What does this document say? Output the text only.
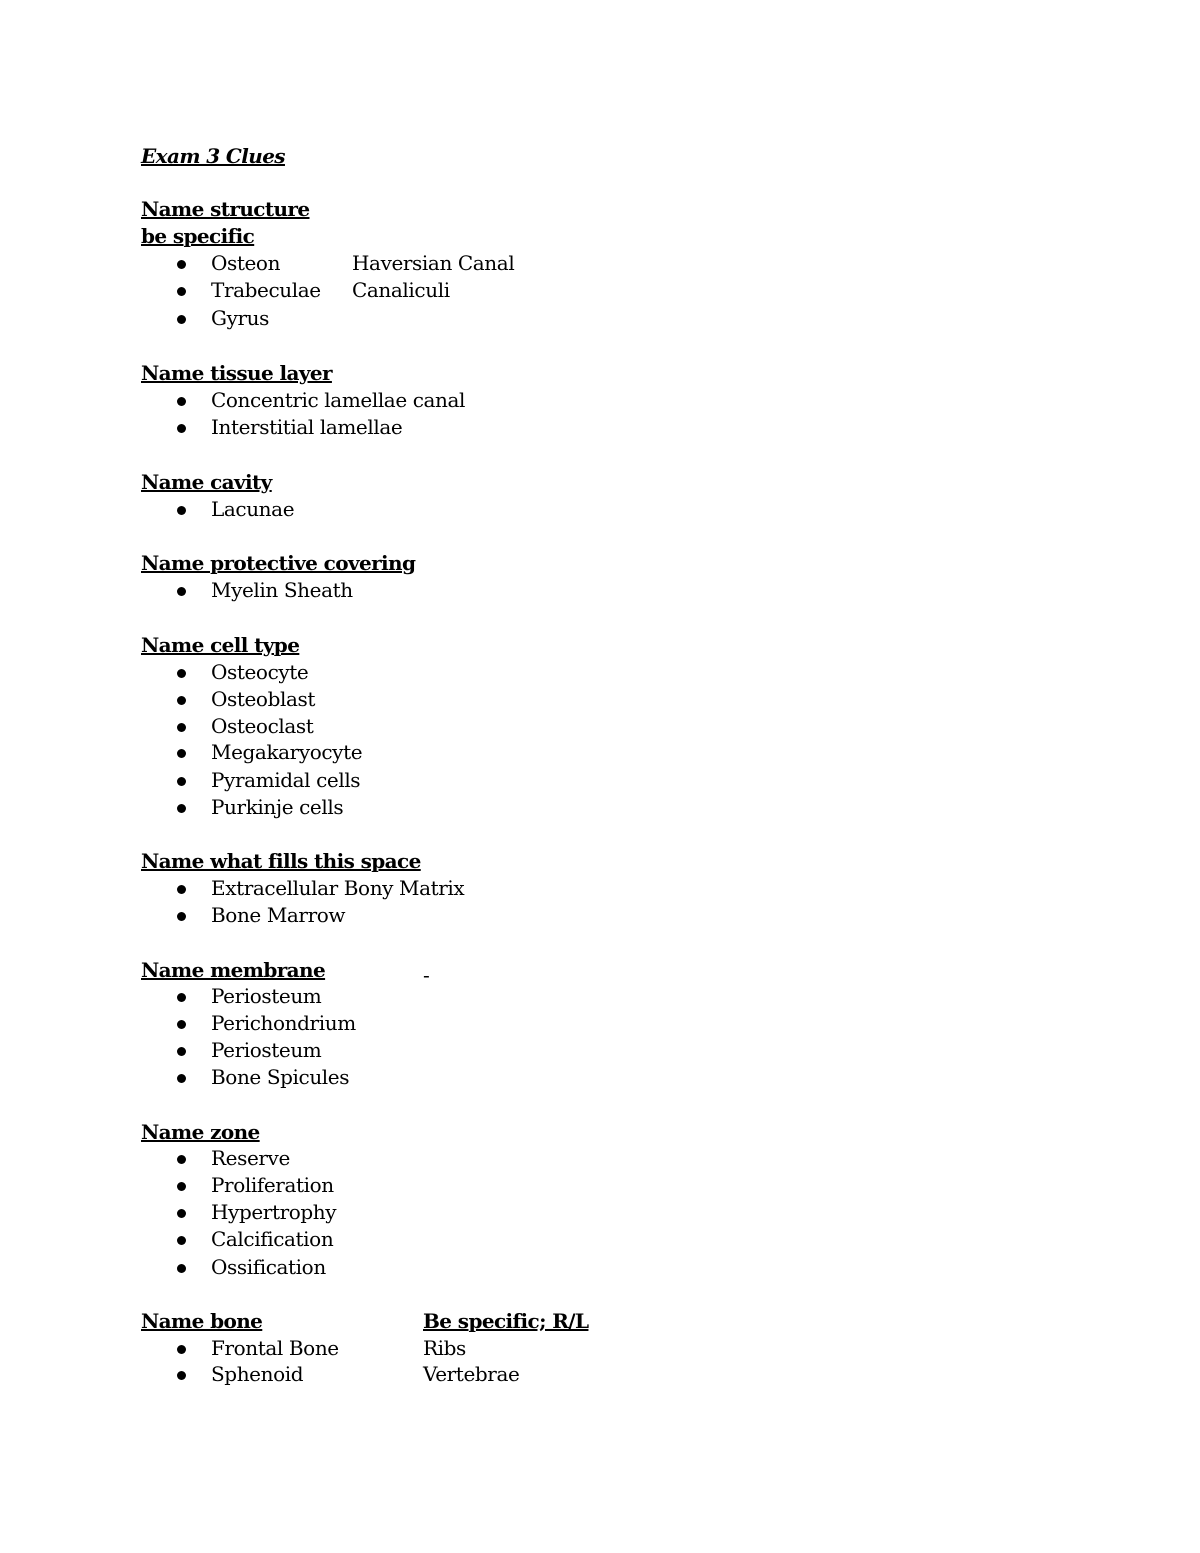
Exam 3 Clues
Name structure
be specific
Osteon	Haversian Canal
Trabeculae Canaliculi
Gyrus
Name tissue layer
Concentric lamellae canal
Interstitial lamellae
Name cavity
Lacunae
Name protective covering
Myelin Sheath
Name cell type
Osteocyte
Osteoblast
Osteoclast
Megakaryocyte
Pyramidal cells
Purkinje cells
Name what fills this space
Extracellular Bony Matrix
Bone Marrow
Name membrane	-
Periosteum
Perichondrium
Periosteum
Bone Spicules
Name zone
Reserve
Proliferation
Hypertrophy
Calcification
Ossification
Name bone	Be specific; R/L
Frontal Bone	Ribs
Sphenoid	Vertebrae
